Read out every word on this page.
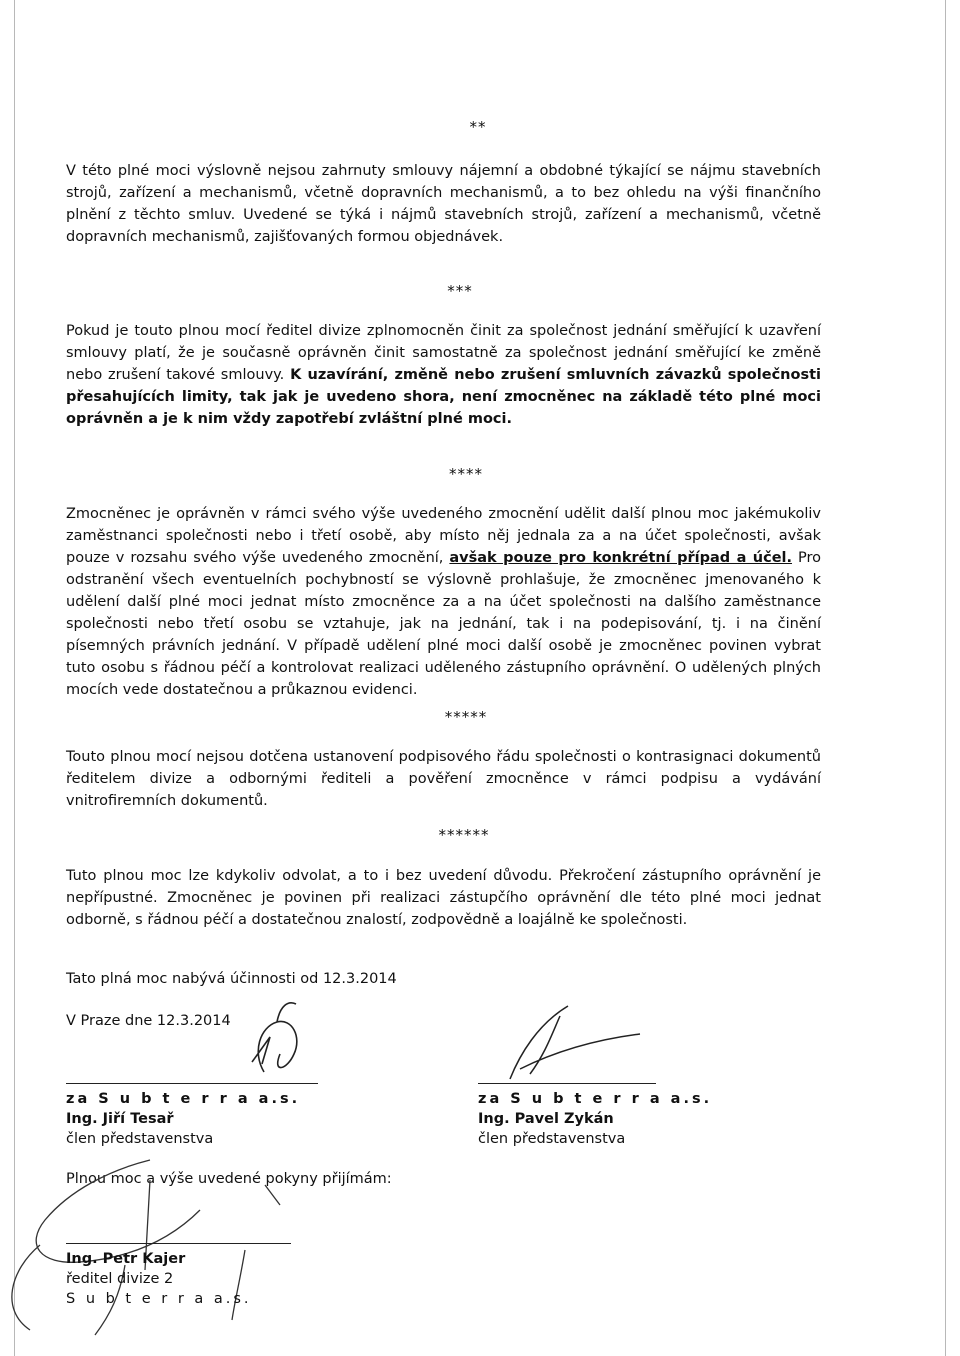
**

V této plné moci výslovně nejsou zahrnuty smlouvy nájemní a obdobné týkající se nájmu stavebních strojů, zařízení a mechanismů, včetně dopravních mechanismů, a to bez ohledu na výši finančního plnění z těchto smluv. Uvedené se týká i nájmů stavebních strojů, zařízení a mechanismů, včetně dopravních mechanismů, zajišťovaných formou objednávek.

***

Pokud je touto plnou mocí ředitel divize zplnomocněn činit za společnost jednání směřující k uzavření smlouvy platí, že je současně oprávněn činit samostatně za společnost jednání směřující ke změně nebo zrušení takové smlouvy. K uzavírání, změně nebo zrušení smluvních závazků společnosti přesahujících limity, tak jak je uvedeno shora, není zmocněnec na základě této plné moci oprávněn a je k nim vždy zapotřebí zvláštní plné moci.

****

Zmocněnec je oprávněn v rámci svého výše uvedeného zmocnění udělit další plnou moc jakémukoliv zaměstnanci společnosti nebo i třetí osobě, aby místo něj jednala za a na účet společnosti, avšak pouze v rozsahu svého výše uvedeného zmocnění, avšak pouze pro konkrétní případ a účel. Pro odstranění všech eventuelních pochybností se výslovně prohlašuje, že zmocněnec jmenovaného k udělení další plné moci jednat místo zmocněnce za a na účet společnosti na dalšího zaměstnance společnosti nebo třetí osobu se vztahuje, jak na jednání, tak i na podepisování, tj. i na činění písemných právních jednání. V případě udělení plné moci další osobě je zmocněnec povinen vybrat tuto osobu s řádnou péčí a kontrolovat realizaci uděleného zástupního oprávnění. O udělených plných mocích vede dostatečnou a průkaznou evidenci.

*****

Touto plnou mocí nejsou dotčena ustanovení podpisového řádu společnosti o kontrasignaci dokumentů ředitelem divize a odbornými řediteli a pověření zmocněnce v rámci podpisu a vydávání vnitrofiremních dokumentů.

******

Tuto plnou moc lze kdykoliv odvolat, a to i bez uvedení důvodu. Překročení zástupního oprávnění je nepřípustné. Zmocněnec je povinen při realizaci zástupčího oprávnění dle této plné moci jednat odborně, s řádnou péčí a dostatečnou znalostí, zodpovědně a loajálně ke společnosti.

Tato plná moc nabývá účinnosti od 12.3.2014
V Praze dne 12.3.2014
za S u b t e r r a a.s.
Ing. Jiří Tesař
člen představenstva
za S u b t e r r a a.s.
Ing. Pavel Zykán
člen představenstva
Plnou moc a výše uvedené pokyny přijímám:
Ing. Petr Kajer
ředitel divize 2
S u b t e r r a a.s.
